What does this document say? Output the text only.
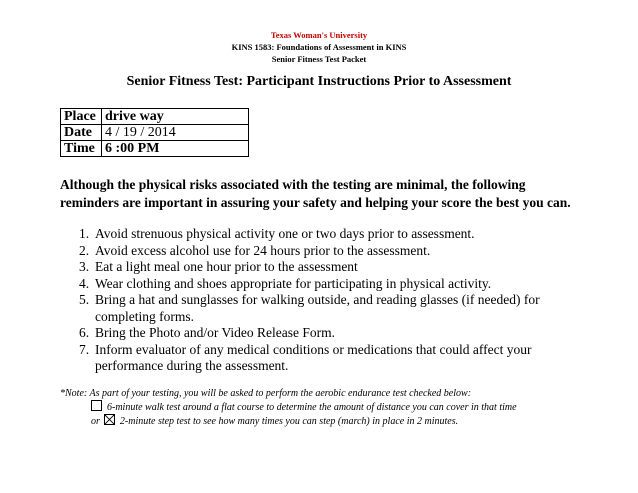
Texas Woman's University
KINS 1583: Foundations of Assessment in KINS
Senior Fitness Test Packet
Senior Fitness Test: Participant Instructions Prior to Assessment
Place	drive way
Date	4 / 19 / 2014
Time	6 :00 PM
Although the physical risks associated with the testing are minimal, the following reminders are important in assuring your safety and helping your score the best you can.
1. Avoid strenuous physical activity one or two days prior to assessment.
2. Avoid excess alcohol use for 24 hours prior to the assessment.
3. Eat a light meal one hour prior to the assessment
4. Wear clothing and shoes appropriate for participating in physical activity.
5. Bring a hat and sunglasses for walking outside, and reading glasses (if needed) for completing forms.
6. Bring the Photo and/or Video Release Form.
7. Inform evaluator of any medical conditions or medications that could affect your performance during the assessment.
*Note: As part of your testing, you will be asked to perform the aerobic endurance test checked below:
6-minute walk test around a flat course to determine the amount of distance you can cover in that time
or 2-minute step test to see how many times you can step (march) in place in 2 minutes.
